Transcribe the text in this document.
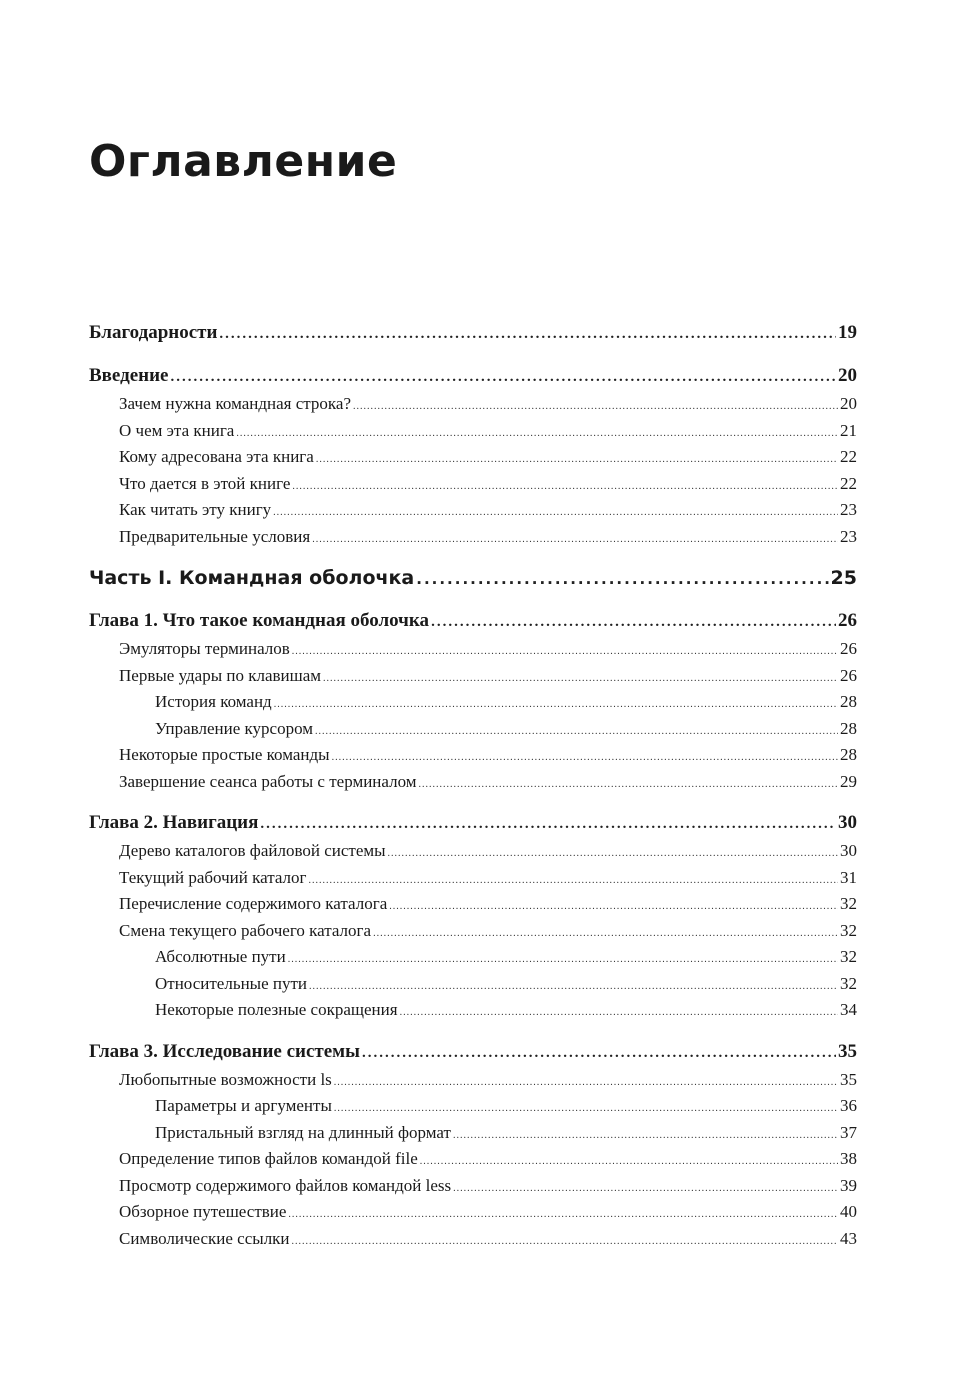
Оглавление
Благодарности .....	19
Введение .....	20
Зачем нужна командная строка? .....	20
О чем эта книга .....	21
Кому адресована эта книга .....	22
Что дается в этой книге .....	22
Как читать эту книгу .....	23
Предварительные условия .....	23
Часть I. Командная оболочка .....	25
Глава 1. Что такое командная оболочка .....	26
Эмуляторы терминалов .....	26
Первые удары по клавишам .....	26
История команд .....	28
Управление курсором .....	28
Некоторые простые команды .....	28
Завершение сеанса работы с терминалом .....	29
Глава 2. Навигация .....	30
Дерево каталогов файловой системы .....	30
Текущий рабочий каталог .....	31
Перечисление содержимого каталога .....	32
Смена текущего рабочего каталога .....	32
Абсолютные пути .....	32
Относительные пути .....	32
Некоторые полезные сокращения .....	34
Глава 3. Исследование системы .....	35
Любопытные возможности ls .....	35
Параметры и аргументы .....	36
Пристальный взгляд на длинный формат .....	37
Определение типов файлов командой file .....	38
Просмотр содержимого файлов командой less .....	39
Обзорное путешествие .....	40
Символические ссылки .....	43
